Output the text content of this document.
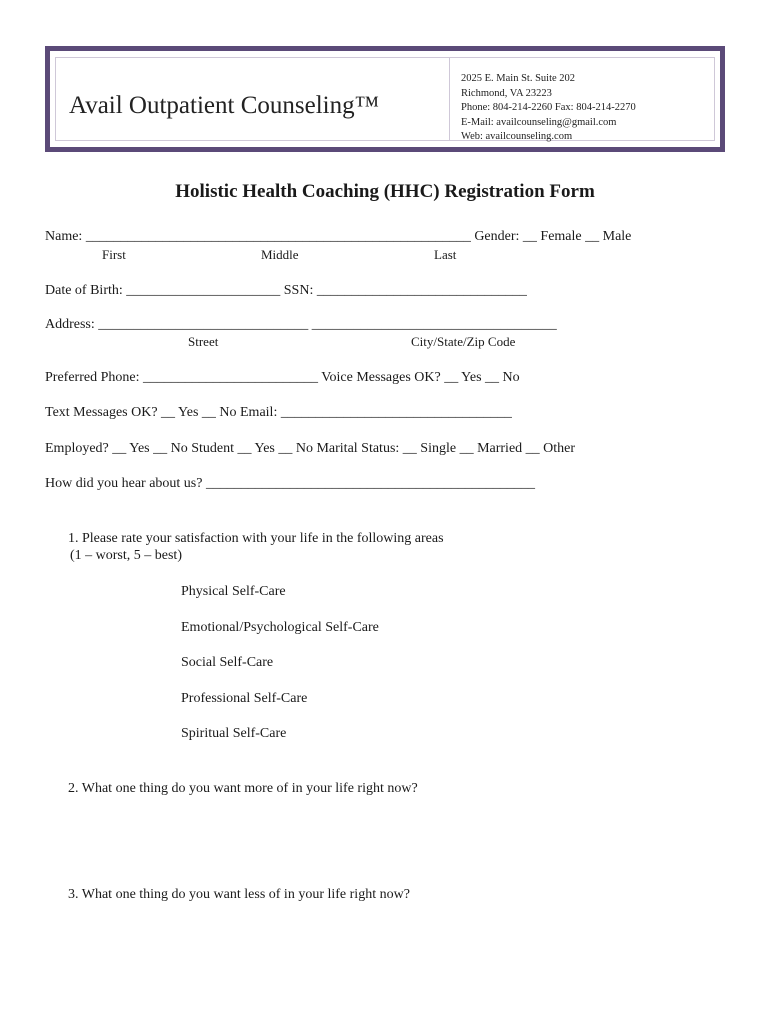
Avail Outpatient Counseling™
2025 E. Main St. Suite 202
Richmond, VA 23223
Phone: 804-214-2260 Fax: 804-214-2270
E-Mail: availcounseling@gmail.com
Web: availcounseling.com
Holistic Health Coaching (HHC) Registration Form
Name: _______________________________________________________ Gender: __ Female __ Male
First	Middle	Last
Date of Birth: ______________________ SSN: ______________________________
Address: ______________________________ ___________________________________
Street	City/State/Zip Code
Preferred Phone: _________________________ Voice Messages OK? __ Yes __ No
Text Messages OK? __ Yes __ No Email: _________________________________
Employed? __ Yes __ No Student __ Yes __ No Marital Status: __ Single __ Married __ Other
How did you hear about us? _______________________________________________
1. Please rate your satisfaction with your life in the following areas
(1 – worst, 5 – best)
Physical Self-Care
Emotional/Psychological Self-Care
Social Self-Care
Professional Self-Care
Spiritual Self-Care
2. What one thing do you want more of in your life right now?
3. What one thing do you want less of in your life right now?
